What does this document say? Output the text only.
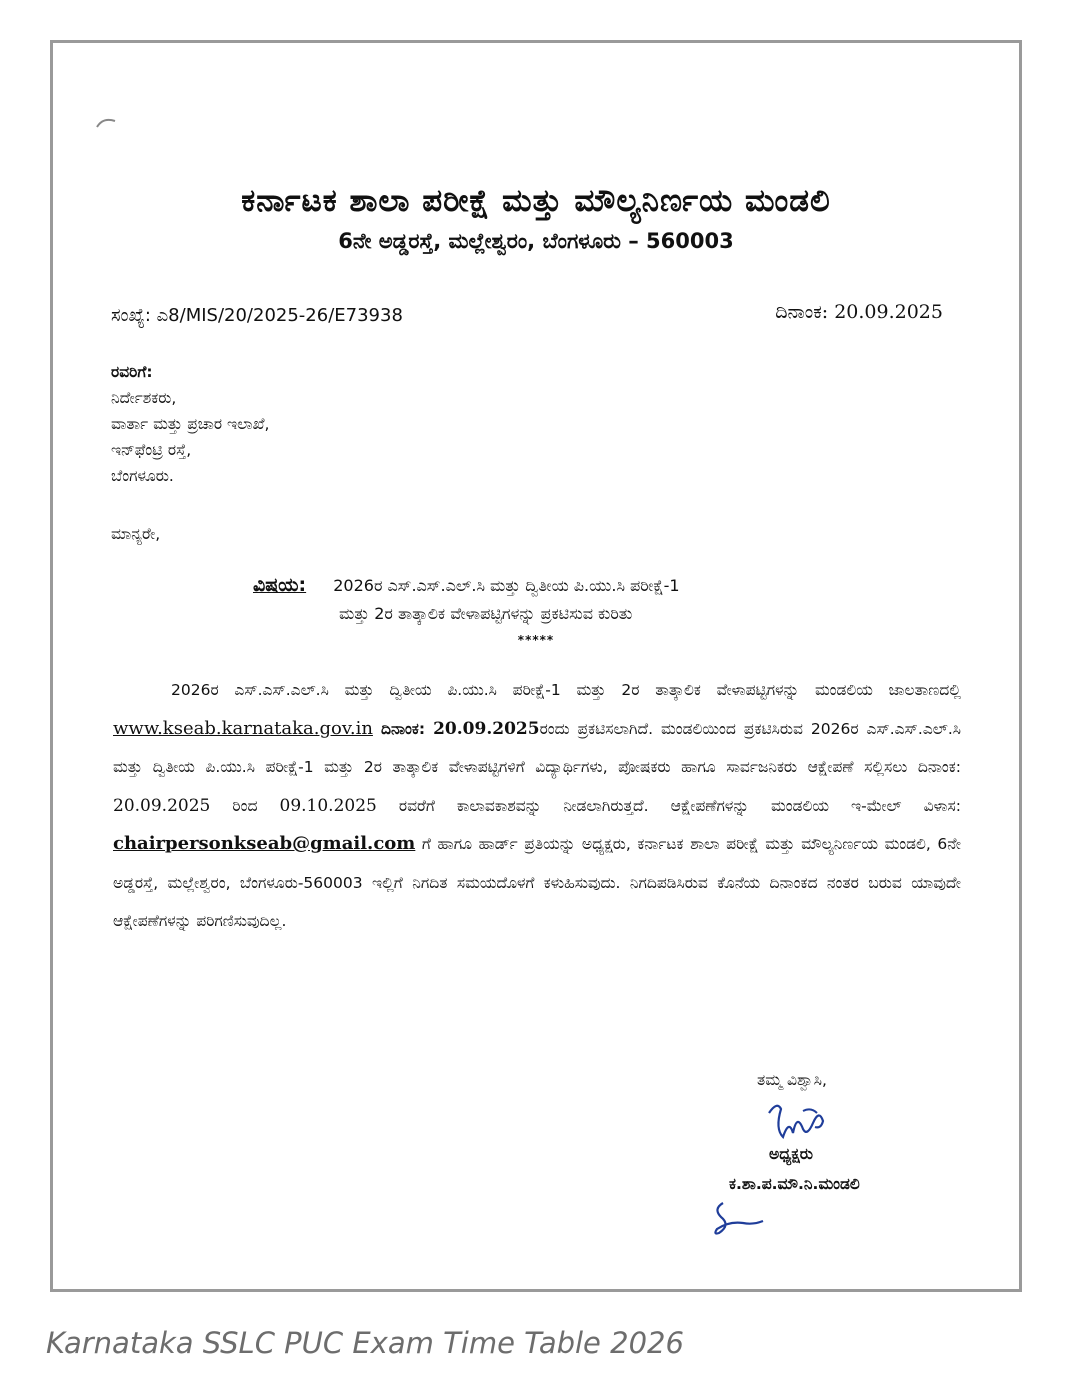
ಕರ್ನಾಟಕ ಶಾಲಾ ಪರೀಕ್ಷೆ ಮತ್ತು ಮೌಲ್ಯನಿರ್ಣಯ ಮಂಡಲಿ
6ನೇ ಅಡ್ಡರಸ್ತೆ, ಮಲ್ಲೇಶ್ವರಂ, ಬೆಂಗಳೂರು – 560003
ಸಂಖ್ಯೆ: ಎ8/MIS/20/2025-26/E73938	ದಿನಾಂಕ: 20.09.2025
ರವರಿಗೆ:
ನಿರ್ದೇಶಕರು,
ವಾರ್ತಾ ಮತ್ತು ಪ್ರಚಾರ ಇಲಾಖೆ,
ಇನ್‌ಫೆಂಟ್ರಿ ರಸ್ತೆ,
ಬೆಂಗಳೂರು.
ಮಾನ್ಯರೇ,
ವಿಷಯ: 2026ರ ಎಸ್.ಎಸ್.ಎಲ್.ಸಿ ಮತ್ತು ದ್ವಿತೀಯ ಪಿ.ಯು.ಸಿ ಪರೀಕ್ಷೆ-1
ಮತ್ತು 2ರ ತಾತ್ಕಾಲಿಕ ವೇಳಾಪಟ್ಟಿಗಳನ್ನು ಪ್ರಕಟಿಸುವ ಕುರಿತು
*****
2026ರ ಎಸ್.ಎಸ್.ಎಲ್.ಸಿ ಮತ್ತು ದ್ವಿತೀಯ ಪಿ.ಯು.ಸಿ ಪರೀಕ್ಷೆ-1 ಮತ್ತು 2ರ ತಾತ್ಕಾಲಿಕ ವೇಳಾಪಟ್ಟಿಗಳನ್ನು ಮಂಡಲಿಯ ಜಾಲತಾಣದಲ್ಲಿ www.kseab.karnataka.gov.in ದಿನಾಂಕ: 20.09.2025ರಂದು ಪ್ರಕಟಿಸಲಾಗಿದೆ. ಮಂಡಲಿಯಿಂದ ಪ್ರಕಟಿಸಿರುವ 2026ರ ಎಸ್.ಎಸ್.ಎಲ್.ಸಿ ಮತ್ತು ದ್ವಿತೀಯ ಪಿ.ಯು.ಸಿ ಪರೀಕ್ಷೆ-1 ಮತ್ತು 2ರ ತಾತ್ಕಾಲಿಕ ವೇಳಾಪಟ್ಟಿಗಳಿಗೆ ವಿದ್ಯಾರ್ಥಿಗಳು, ಪೋಷಕರು ಹಾಗೂ ಸಾರ್ವಜನಿಕರು ಆಕ್ಷೇಪಣೆ ಸಲ್ಲಿಸಲು ದಿನಾಂಕ: 20.09.2025 ರಿಂದ 09.10.2025 ರವರೆಗೆ ಕಾಲಾವಕಾಶವನ್ನು ನೀಡಲಾಗಿರುತ್ತದೆ. ಆಕ್ಷೇಪಣೆಗಳನ್ನು ಮಂಡಲಿಯ ಇ-ಮೇಲ್ ವಿಳಾಸ: chairpersonkseab@gmail.com ಗೆ ಹಾಗೂ ಹಾರ್ಡ್ ಪ್ರತಿಯನ್ನು ಅಧ್ಯಕ್ಷರು, ಕರ್ನಾಟಕ ಶಾಲಾ ಪರೀಕ್ಷೆ ಮತ್ತು ಮೌಲ್ಯನಿರ್ಣಯ ಮಂಡಲಿ, 6ನೇ ಅಡ್ಡರಸ್ತೆ, ಮಲ್ಲೇಶ್ವರಂ, ಬೆಂಗಳೂರು-560003 ಇಲ್ಲಿಗೆ ನಿಗದಿತ ಸಮಯದೊಳಗೆ ಕಳುಹಿಸುವುದು. ನಿಗದಿಪಡಿಸಿರುವ ಕೊನೆಯ ದಿನಾಂಕದ ನಂತರ ಬರುವ ಯಾವುದೇ ಆಕ್ಷೇಪಣೆಗಳನ್ನು ಪರಿಗಣಿಸುವುದಿಲ್ಲ.
ತಮ್ಮ ವಿಶ್ವಾಸಿ,
ಅಧ್ಯಕ್ಷರು
ಕ.ಶಾ.ಪ.ಮೌ.ನಿ.ಮಂಡಲಿ
Karnataka SSLC PUC Exam Time Table 2026
